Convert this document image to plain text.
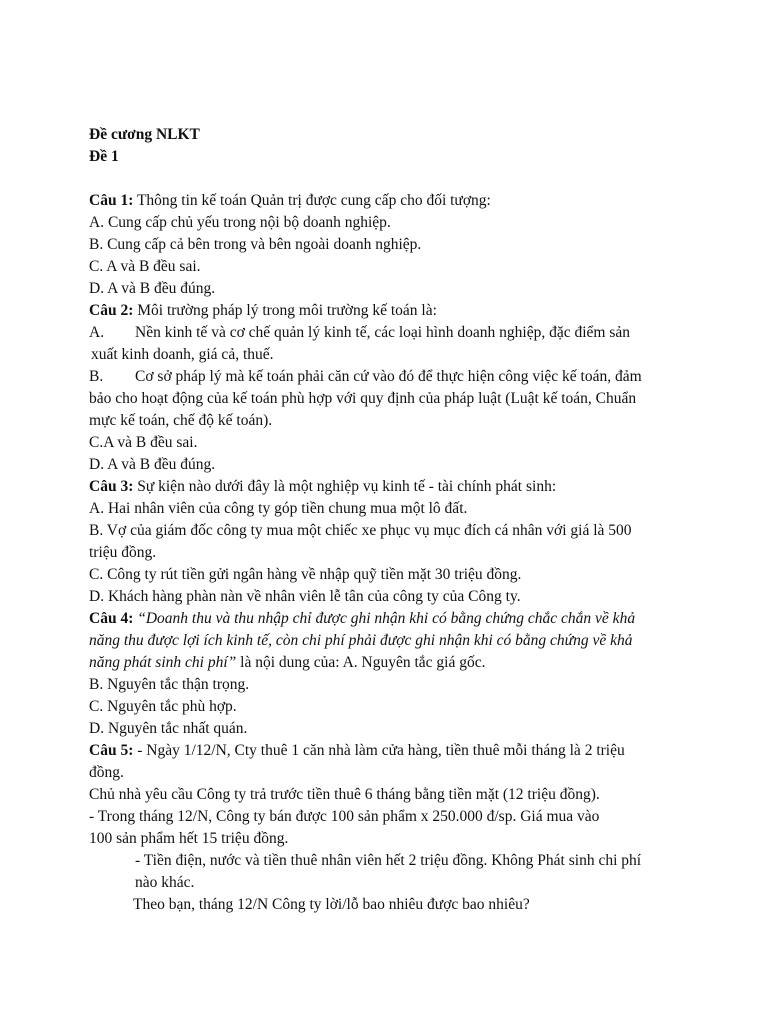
Đề cương NLKT
Đề 1
Câu 1: Thông tin kế toán Quản trị được cung cấp cho đối tượng:
A. Cung cấp chủ yếu trong nội bộ doanh nghiệp.
B. Cung cấp cả bên trong và bên ngoài doanh nghiệp.
C. A và B đều sai.
D. A và B đều đúng.
Câu 2: Môi trường pháp lý trong môi trường kế toán là:
A. Nền kinh tế và cơ chế quản lý kinh tế, các loại hình doanh nghiệp, đặc điểm sản
xuất kinh doanh, giá cả, thuế.
B. Cơ sở pháp lý mà kế toán phải căn cứ vào đó để thực hiện công việc kế toán, đảm
bảo cho hoạt động của kế toán phù hợp với quy định của pháp luật (Luật kế toán, Chuẩn
mực kế toán, chế độ kế toán).
C.A và B đều sai.
D. A và B đều đúng.
Câu 3: Sự kiện nào dưới đây là một nghiệp vụ kinh tế - tài chính phát sinh:
A. Hai nhân viên của công ty góp tiền chung mua một lô đất.
B. Vợ của giám đốc công ty mua một chiếc xe phục vụ mục đích cá nhân với giá là 500
triệu đồng.
C. Công ty rút tiền gửi ngân hàng về nhập quỹ tiền mặt 30 triệu đồng.
D. Khách hàng phàn nàn về nhân viên lễ tân của công ty của Công ty.
Câu 4: “Doanh thu và thu nhập chỉ được ghi nhận khi có bằng chứng chắc chắn về khả
năng thu được lợi ích kinh tế, còn chi phí phải được ghi nhận khi có bằng chứng về khả
năng phát sinh chi phí” là nội dung của: A. Nguyên tắc giá gốc.
B. Nguyên tắc thận trọng.
C. Nguyên tắc phù hợp.
D. Nguyên tắc nhất quán.
Câu 5: - Ngày 1/12/N, Cty thuê 1 căn nhà làm cửa hàng, tiền thuê mỗi tháng là 2 triệu
đồng.
Chủ nhà yêu cầu Công ty trả trước tiền thuê 6 tháng bằng tiền mặt (12 triệu đồng).
- Trong tháng 12/N, Công ty bán được 100 sản phẩm x 250.000 đ/sp. Giá mua vào
100 sản phẩm hết 15 triệu đồng.
- Tiền điện, nước và tiền thuê nhân viên hết 2 triệu đồng. Không Phát sinh chi phí
nào khác.
Theo bạn, tháng 12/N Công ty lời/lỗ bao nhiêu được bao nhiêu?
